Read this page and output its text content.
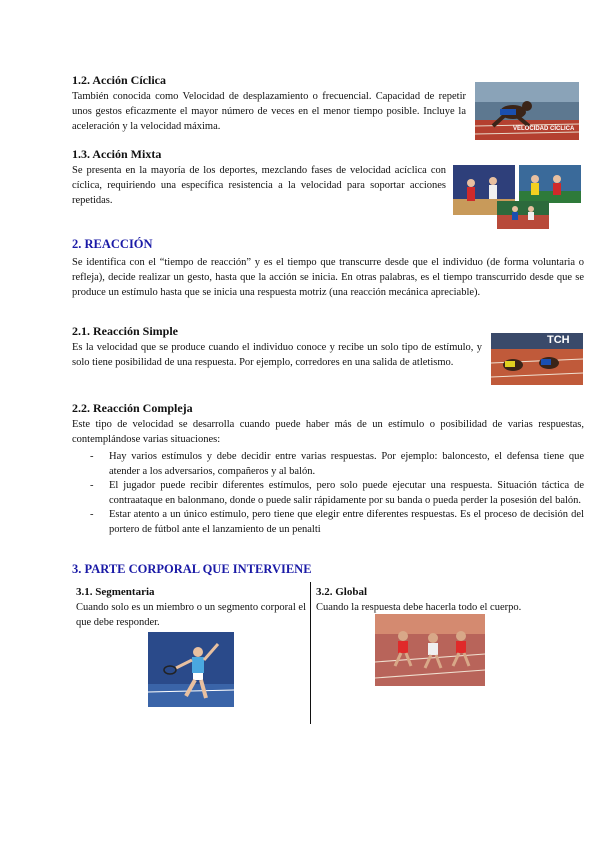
1.2. Acción Cíclica

También conocida como Velocidad de desplazamiento o frecuencial. Capacidad de repetir unos gestos eficazmente el mayor número de veces en el menor tiempo posible. Incluye la aceleración y la velocidad máxima.	VELOCIDAD CÍCLICA
1.3. Acción Mixta

Se presenta en la mayoría de los deportes, mezclando fases de velocidad acíclica con cíclica, requiriendo una específica resistencia a la velocidad para soportar acciones repetidas.

2. REACCIÓN

Se identifica con el “tiempo de reacción” y es el tiempo que transcurre desde que el individuo (de forma voluntaria o refleja), decide realizar un gesto, hasta que la acción se inicia. En otras palabras, es el tiempo transcurrido desde que se produce un estímulo hasta que se inicia una respuesta motriz (una reacción mecánica apreciable).

2.1. Reacción Simple

Es la velocidad que se produce cuando el individuo conoce y recibe un solo tipo de estímulo, y solo tiene posibilidad de una respuesta. Por ejemplo, corredores en una salida de atletismo.

TCH
2.2. Reacción Compleja

Este tipo de velocidad se desarrolla cuando puede haber más de un estímulo o posibilidad de varias respuestas, contemplándose varias situaciones:

-	Hay varios estímulos y debe decidir entre varias respuestas. Por ejemplo: baloncesto, el defensa tiene que atender a los adversarios, compañeros y al balón.
-	El jugador puede recibir diferentes estímulos, pero solo puede ejecutar una respuesta. Situación táctica de contraataque en balonmano, donde o puede salir rápidamente por su banda o pueda perder la posesión del balón.
-	Estar atento a un único estímulo, pero tiene que elegir entre diferentes respuestas. Es el proceso de decisión del portero de fútbol ante el lanzamiento de un penalti
3. PARTE CORPORAL QUE INTERVIENE
3.1. Segmentaria

Cuando solo es un miembro o un segmento corporal el que debe responder.

3.2. Global

Cuando la respuesta debe hacerla todo el cuerpo.
